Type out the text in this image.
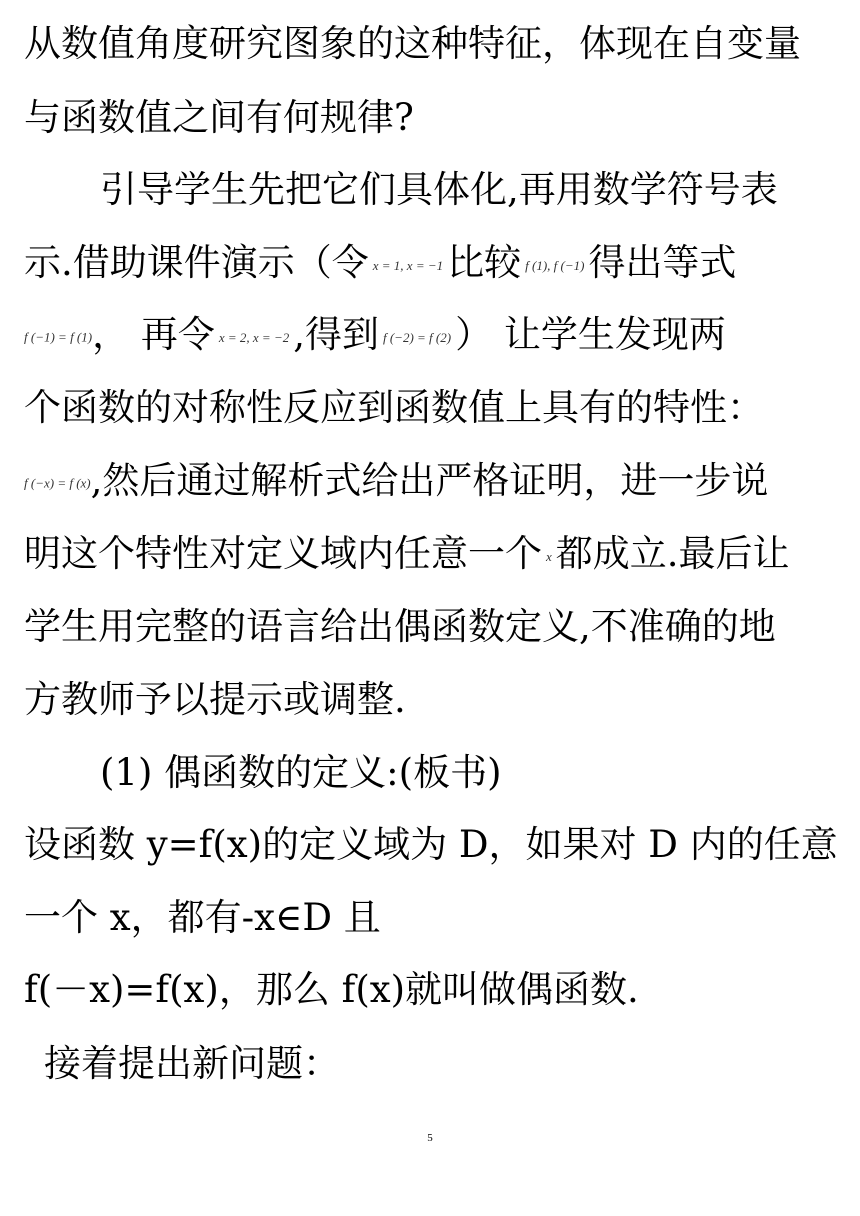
从数值角度研究图象的这种特征，体现在自变量
与函数值之间有何规律?
引导学生先把它们具体化,再用数学符号表
示.借助课件演示（令 x = 1, x = −1 比较 f (1), f (−1) 得出等式
f (−1) = f (1)， 再令 x = 2, x = −2 ,得到 f (−2) = f (2) ） 让学生发现两
个函数的对称性反应到函数值上具有的特性：
f (−x) = f (x),然后通过解析式给出严格证明，进一步说
明这个特性对定义域内任意一个 x 都成立.最后让
学生用完整的语言给出偶函数定义,不准确的地
方教师予以提示或调整.
(1) 偶函数的定义:(板书)
设函数 y=f(x)的定义域为 D，如果对 D 内的任意
一个 x，都有-x∈D 且
f(－x)=f(x)，那么 f(x)就叫做偶函数.
接着提出新问题：
5
